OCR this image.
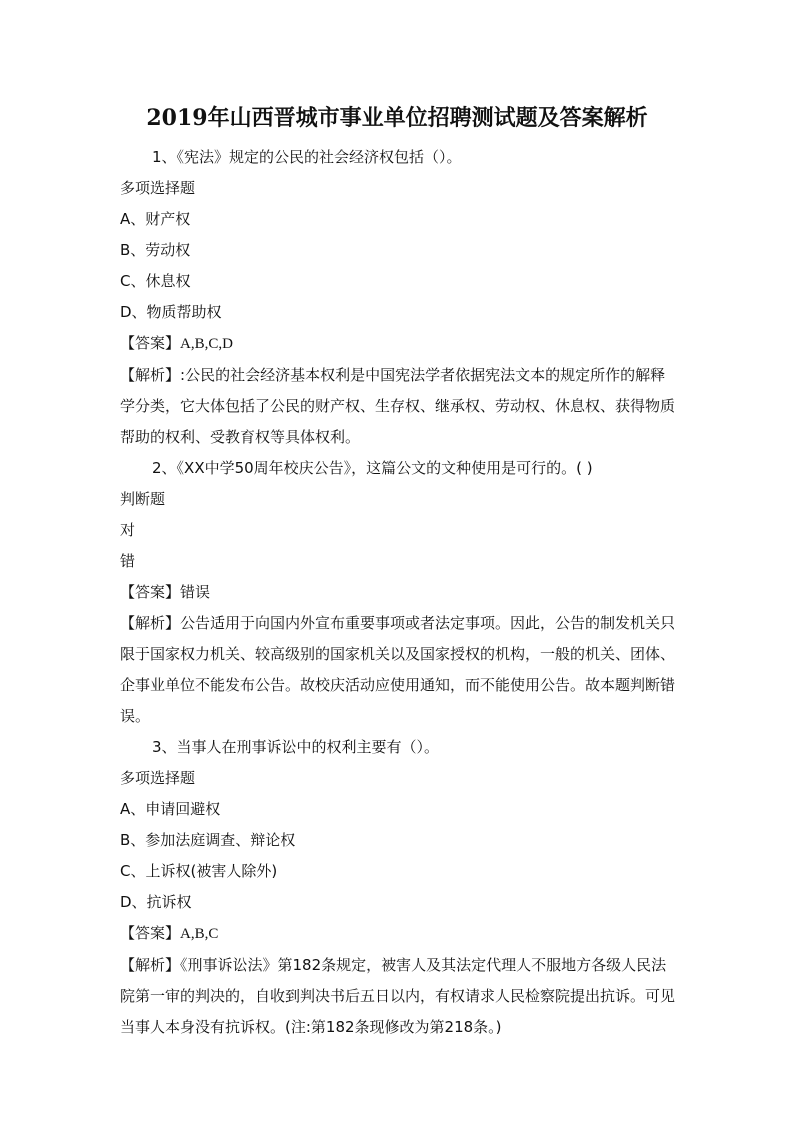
2019年山西晋城市事业单位招聘测试题及答案解析

1、《宪法》规定的公民的社会经济权包括（）。

多项选择题

A、财产权

B、劳动权

C、休息权

D、物质帮助权

【答案】A,B,C,D

【解析】:公民的社会经济基本权利是中国宪法学者依据宪法文本的规定所作的解释学分类，它大体包括了公民的财产权、生存权、继承权、劳动权、休息权、获得物质帮助的权利、受教育权等具体权利。

2、《XX中学50周年校庆公告》，这篇公文的文种使用是可行的。( )

判断题

对

错

【答案】错误

【解析】公告适用于向国内外宣布重要事项或者法定事项。因此，公告的制发机关只限于国家权力机关、较高级别的国家机关以及国家授权的机构，一般的机关、团体、企事业单位不能发布公告。故校庆活动应使用通知，而不能使用公告。故本题判断错误。

3、当事人在刑事诉讼中的权利主要有（）。

多项选择题

A、申请回避权

B、参加法庭调查、辩论权

C、上诉权(被害人除外)

D、抗诉权

【答案】A,B,C

【解析】《刑事诉讼法》第182条规定，被害人及其法定代理人不服地方各级人民法院第一审的判决的，自收到判决书后五日以内，有权请求人民检察院提出抗诉。可见当事人本身没有抗诉权。(注:第182条现修改为第218条。)
